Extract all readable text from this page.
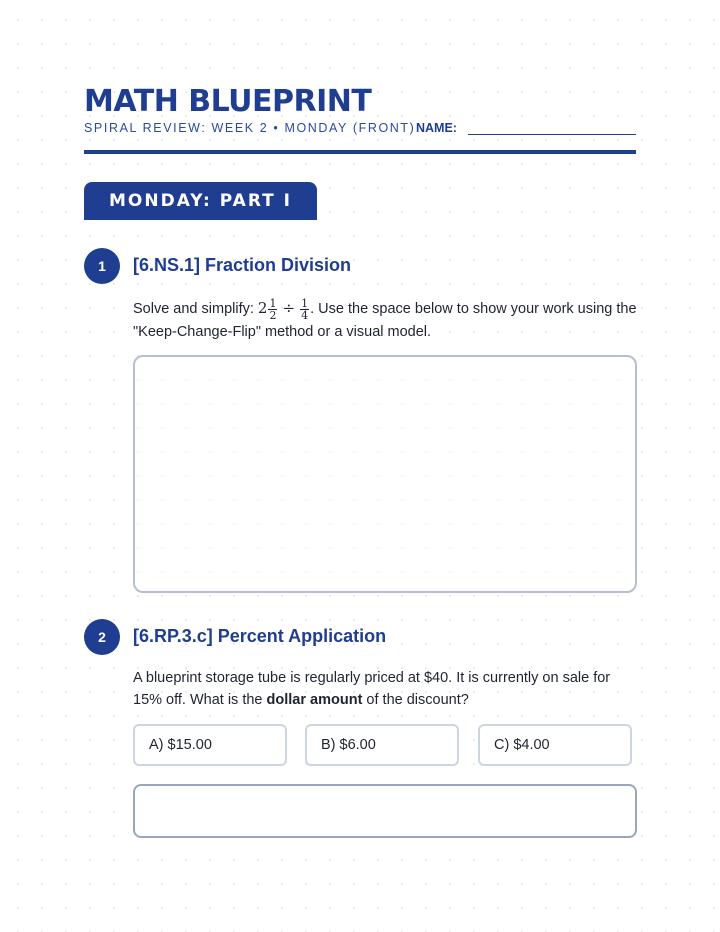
MATH BLUEPRINT
SPIRAL REVIEW: WEEK 2 • MONDAY (FRONT) NAME:
MONDAY: PART I
1	[6.NS.1] Fraction Division
Solve and simplify: $2 \frac{1}{2} \div \frac{1}{4}$ . Use the space below to show your work using the "Keep-Change-Flip" method or a visual model.
2	[6.RP.3.c] Percent Application
A blueprint storage tube is regularly priced at $40. It is currently on sale for 15% off. What is the dollar amount of the discount?
A) $15.00	B) $6.00	C) $4.00
